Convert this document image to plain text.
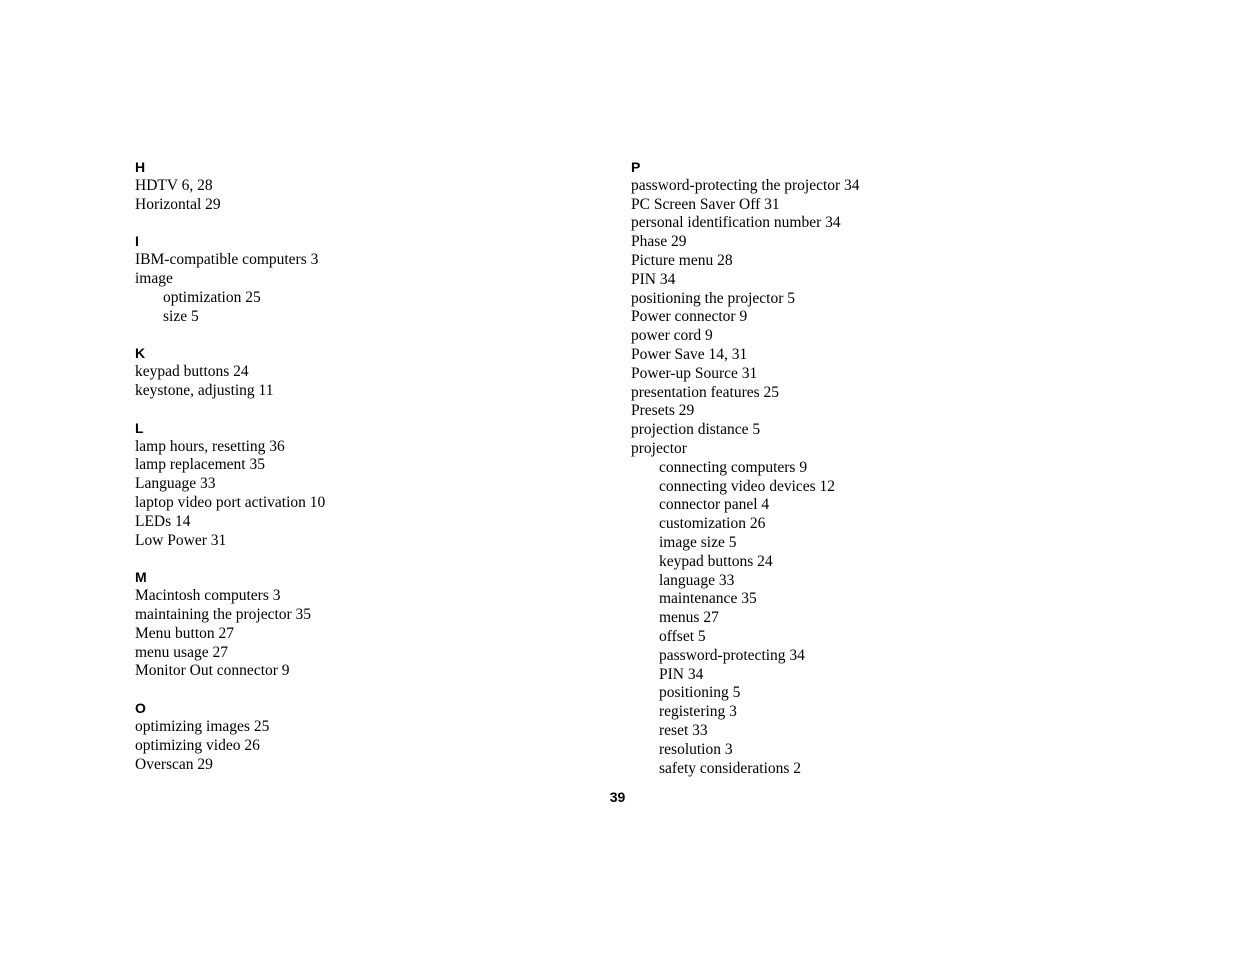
H
HDTV 6, 28
Horizontal 29
I
IBM-compatible computers 3
image
optimization 25
size 5
K
keypad buttons 24
keystone, adjusting 11
L
lamp hours, resetting 36
lamp replacement 35
Language 33
laptop video port activation 10
LEDs 14
Low Power 31
M
Macintosh computers 3
maintaining the projector 35
Menu button 27
menu usage 27
Monitor Out connector 9
O
optimizing images 25
optimizing video 26
Overscan 29
P
password-protecting the projector 34
PC Screen Saver Off 31
personal identification number 34
Phase 29
Picture menu 28
PIN 34
positioning the projector 5
Power connector 9
power cord 9
Power Save 14, 31
Power-up Source 31
presentation features 25
Presets 29
projection distance 5
projector
connecting computers 9
connecting video devices 12
connector panel 4
customization 26
image size 5
keypad buttons 24
language 33
maintenance 35
menus 27
offset 5
password-protecting 34
PIN 34
positioning 5
registering 3
reset 33
resolution 3
safety considerations 2
39
